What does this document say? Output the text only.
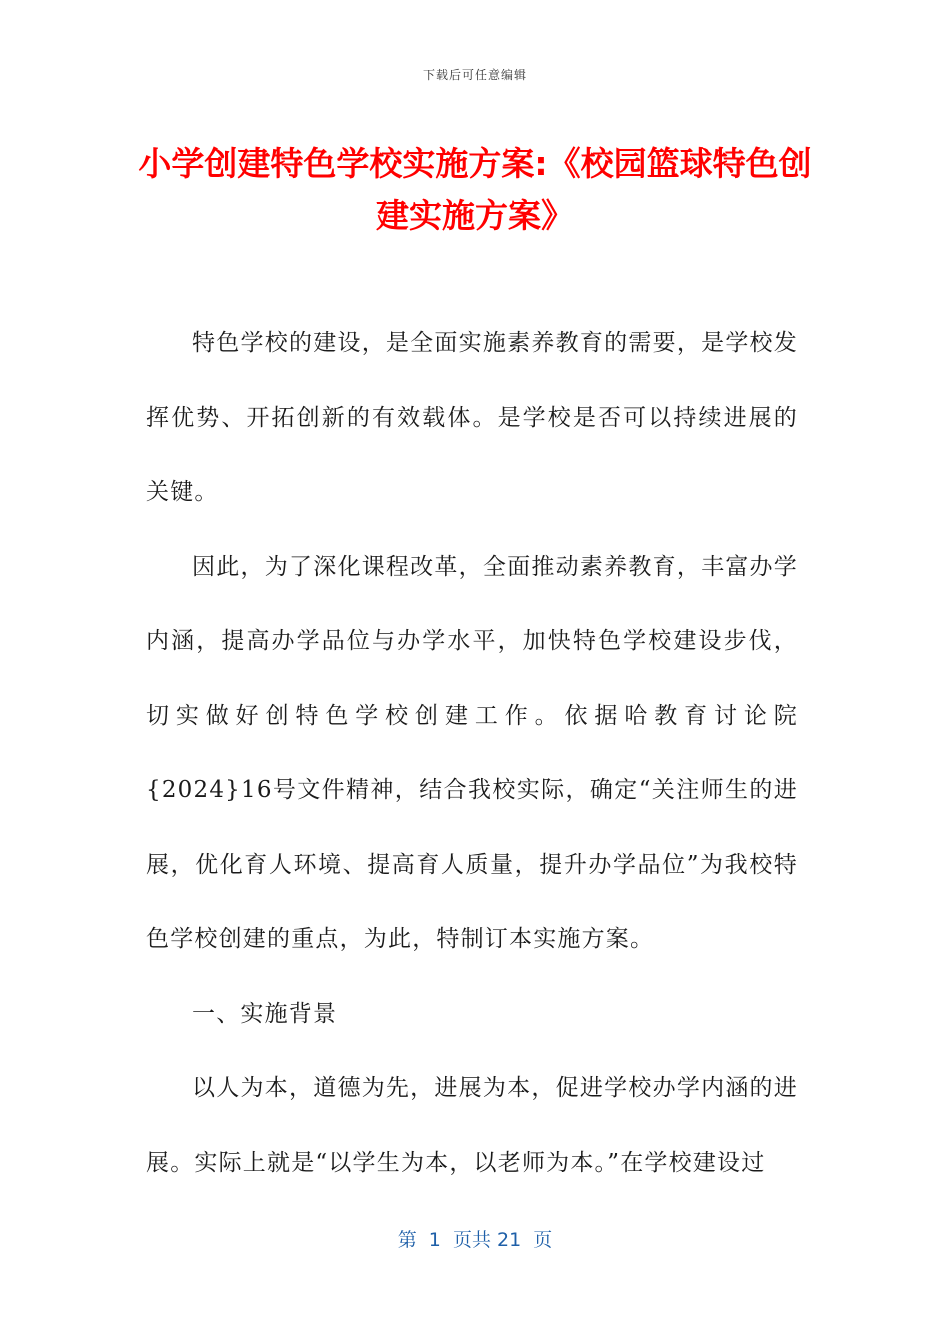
下载后可任意编辑
小学创建特色学校实施方案:《校园篮球特色创建实施方案》

特色学校的建设，是全面实施素养教育的需要，是学校发挥优势、开拓创新的有效载体。是学校是否可以持续进展的关键。

因此，为了深化课程改革，全面推动素养教育，丰富办学内涵，提高办学品位与办学水平，加快特色学校建设步伐，切实做好创特色学校创建工作。依据哈教育讨论院{2024}16号文件精神，结合我校实际，确定“关注师生的进展，优化育人环境、提高育人质量，提升办学品位”为我校特色学校创建的重点，为此，特制订本实施方案。

一、实施背景

以人为本，道德为先，进展为本，促进学校办学内涵的进展。实际上就是“以学生为本，以老师为本。”在学校建设过

第  1  页共 21  页
